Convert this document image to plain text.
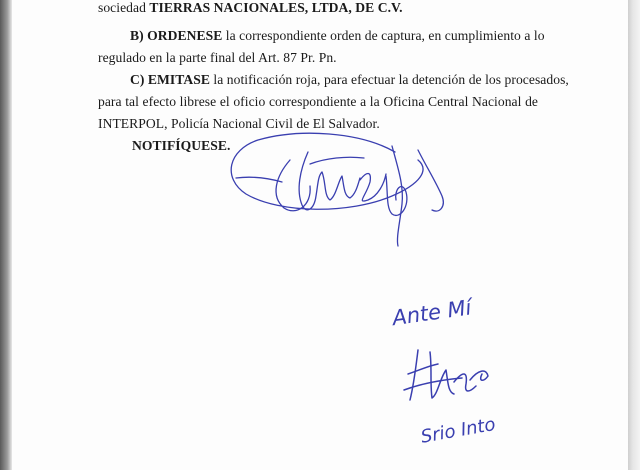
sociedad TIERRAS NACIONALES, LTDA, DE C.V.
B) ORDENESE la correspondiente orden de captura, en cumplimiento a lo
regulado en la parte final del Art. 87 Pr. Pn.
C) EMITASE la notificación roja, para efectuar la detención de los procesados,
para tal efecto librese el oficio correspondiente a la Oficina Central Nacional de
INTERPOL, Policía Nacional Civil de El Salvador.
NOTIFÍQUESE.
Ante Mí
Srio Into
